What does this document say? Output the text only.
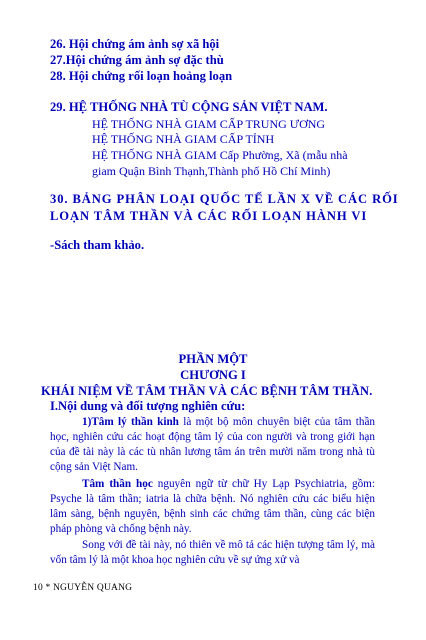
26. Hội chứng ám ảnh sợ xã hội
27.Hội chứng ám ảnh sợ đặc thù
28. Hội chứng rối loạn hoảng loạn
29. HỆ THỐNG NHÀ TÙ CỘNG SẢN VIỆT NAM.
HỆ THỐNG NHÀ GIAM CẤP TRUNG ƯƠNG
HỆ THỐNG NHÀ GIAM CẤP TỈNH
HỆ THỐNG NHÀ GIAM Cấp Phường, Xã (mẫu nhà
giam Quận Bình Thạnh,Thành phố Hồ Chí Minh)
30. BẢNG PHÂN LOẠI QUỐC TẾ LẦN X VỀ CÁC RỐI
LOẠN TÂM THẦN VÀ CÁC RỐI LOẠN HÀNH VI
-Sách tham khảo.
PHẦN MỘT
CHƯƠNG I
KHÁI NIỆM VỀ TÂM THẦN VÀ CÁC BỆNH TÂM THẦN.
I.Nội dung và đối tượng nghiên cứu:
1)Tâm lý thần kinh là một bộ môn chuyên biệt của tâm thần học, nghiên cứu các hoạt động tâm lý của con người và trong giới hạn của đề tài này là các tù nhân lương tâm án trên mười năm trong nhà tù cộng sản Việt Nam.
Tâm thần học nguyên ngữ từ chữ Hy Lạp Psychiatria, gồm: Psyche là tâm thần; iatria là chữa bệnh. Nó nghiên cứu các biểu hiện lâm sàng, bệnh nguyên, bệnh sinh các chứng tâm thần, cùng các biện pháp phòng và chống bệnh này.
Song với đề tài này, nó thiên về mô tả các hiện tượng tâm lý, mà vốn tâm lý là một khoa học nghiên cứu về sự ứng xử và
10 * NGUYỄN QUANG
